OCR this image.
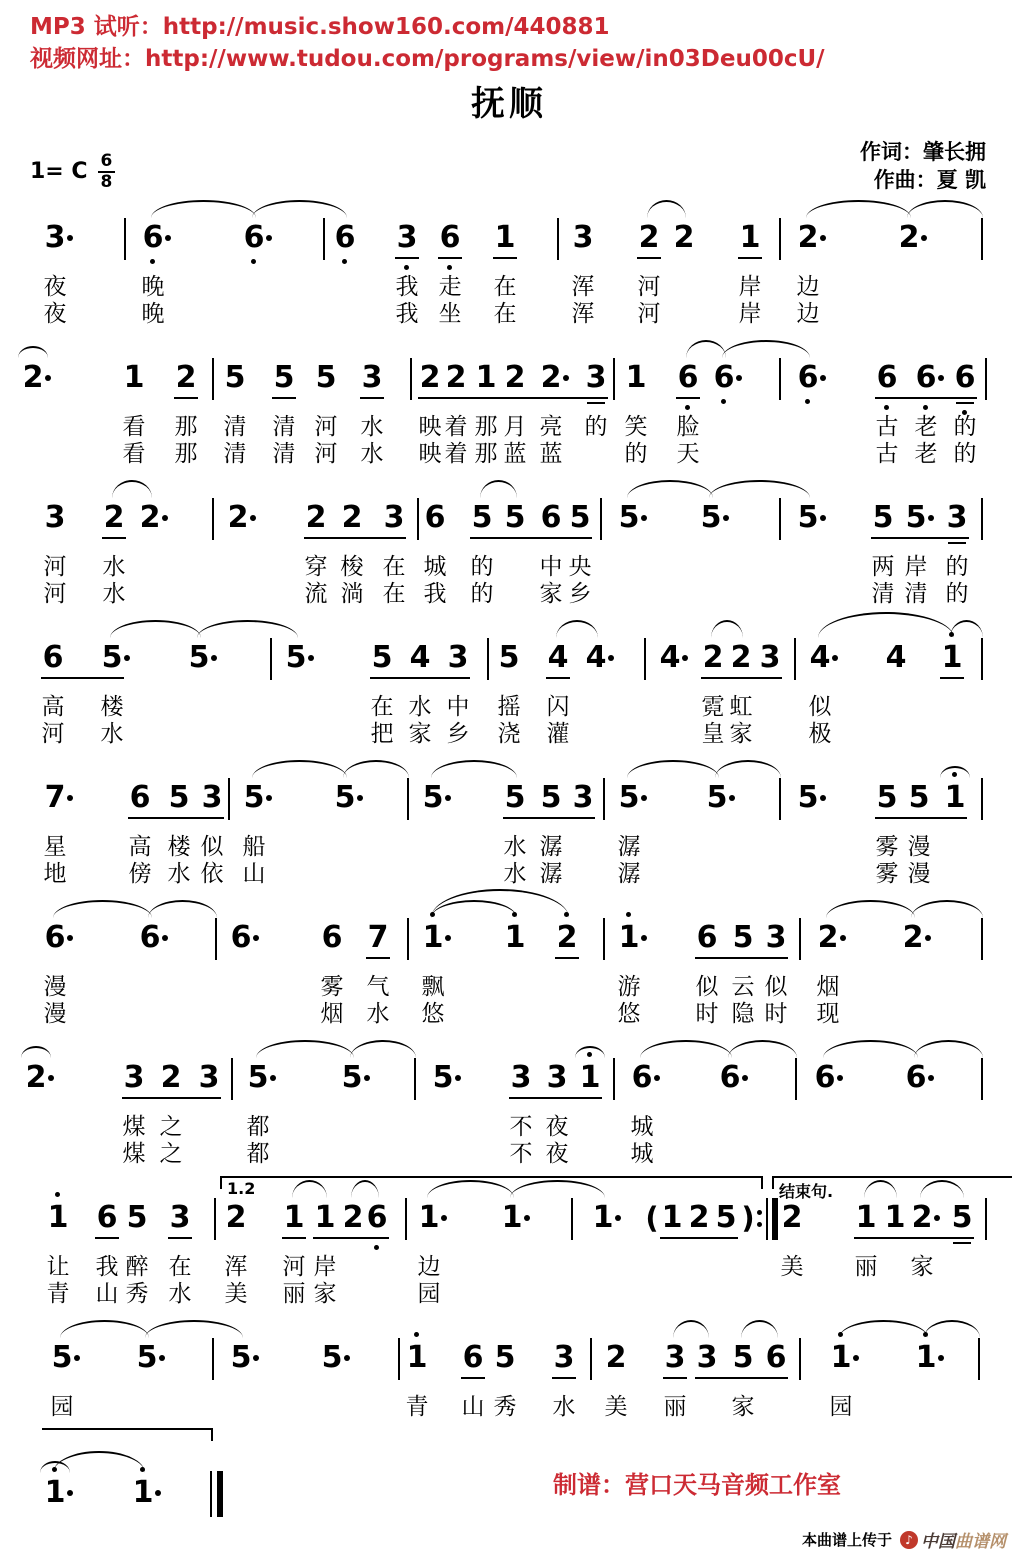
MP3 试听：http://music.show160.com/440881
视频网址：http://www.tudou.com/programs/view/in03Deu00cU/
抚顺
作词：肇长拥
作曲：夏 凯
1= C $\frac{6}{8}$
3	6	6 6 3 6 1 3 2 2 1 2	2
夜	晚	我 走 在 浑 河	岸 边
夜	晚	我 坐 在 浑 河	岸 边
2	1 2 5 5 5 3 2 2 1 2 2 3 1 6 6 6 6 6 6
看 那 清 清 河 水 映 着 那 月 亮 的 笑 脸	古 老 的
看 那 清 清 河 水 映 着 那 蓝 蓝	的 天	古 老 的
3 2 2 2 2 2 3 6 5 5 6 5 5 5	5 5 5 3
河 水	穿 梭 在 城 的 中 央	两 岸 的
河 水	流 淌 在 我 的 家 乡	清 清 的
6 5 5	5 5 4 3 5 4 4 4 2 2 3 4 4 1
高 楼	在 水 中 摇 闪	霓 虹 似
河 水	把 家 乡 浇 灌	皇 家 极
7 6 5 3 5 5 5 5 5 3 5 5 5 5 5 1
星	高 楼 似 船	水 潺 潺	雾 漫
地	傍 水 依 山	水 潺 潺	雾 漫
6 6 6 6 7 1 1 2 1 6 5 3 2 2
漫	雾 气 飘	游 似 云 似 烟
漫	烟 水 悠	悠 时 隐 时 现
2	3 2 3 5 5 5 3 3 1 6 6 6 6
煤 之	都	不 夜	城
煤 之	都	不 夜	城
1 6 5 3 2 1 1 2 6 1 1 1 ( 1 2 5 ) 2 1 1 2 5
让 我 醉 在 浑 河 岸	边	美 丽 家
青 山 秀 水 美 丽 家	园
1.2	结束句.
5 5 5 5 1 6 5 3 2 3 3 5 6 1 1
园	青 山 秀 水 美 丽 家	园
1 1	制谱：营口天马音频工作室
本曲谱上传于	♪ 中国 曲谱网
